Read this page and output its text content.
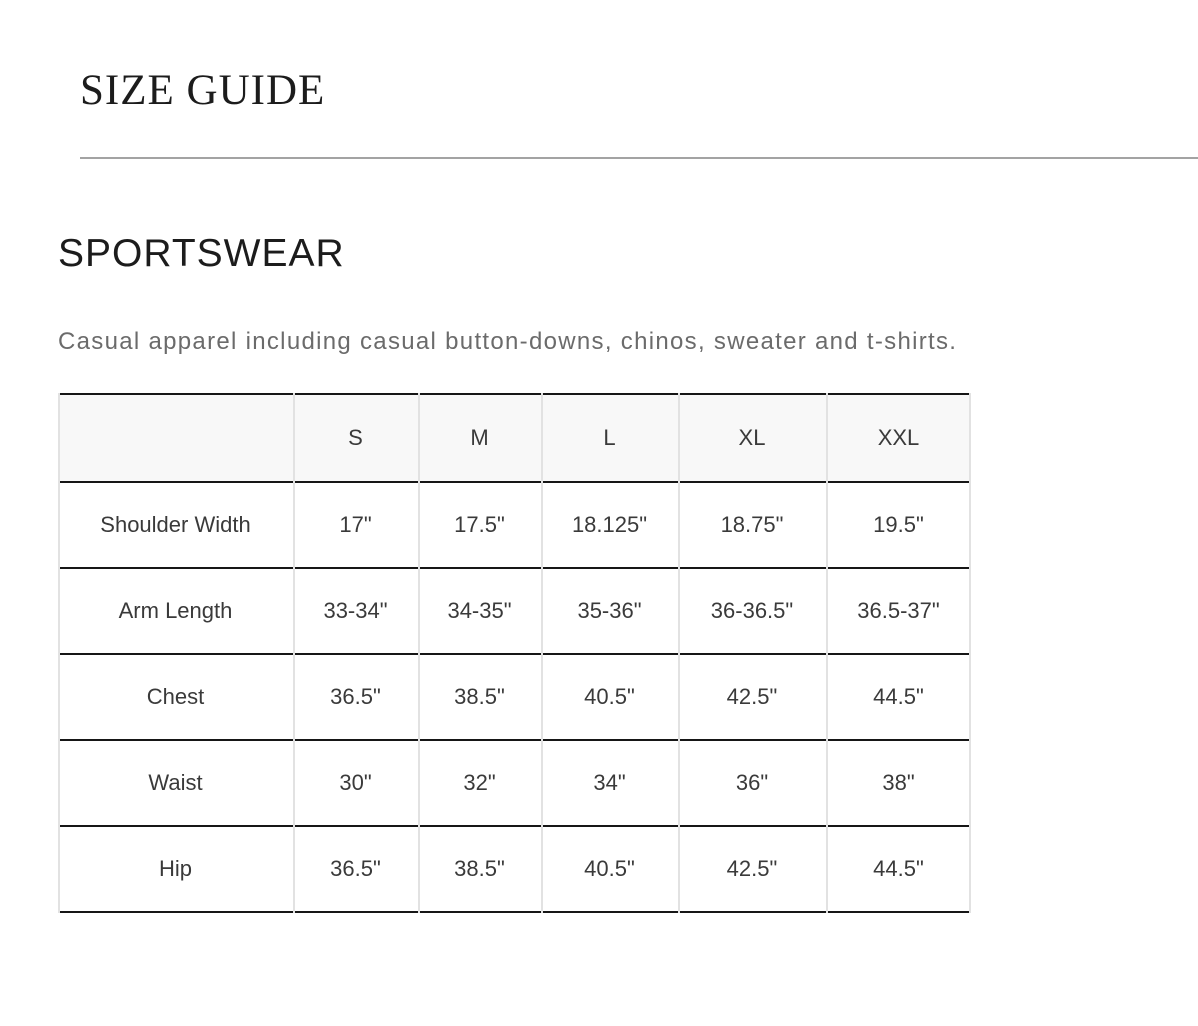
SIZE GUIDE
SPORTSWEAR

Casual apparel including casual button-downs, chinos, sweater and t-shirts.

	S	M	L	XL	XXL
Shoulder Width	17"	17.5"	18.125"	18.75"	19.5"
Arm Length	33-34"	34-35"	35-36"	36-36.5"	36.5-37"
Chest	36.5"	38.5"	40.5"	42.5"	44.5"
Waist	30"	32"	34"	36"	38"
Hip	36.5"	38.5"	40.5"	42.5"	44.5"
